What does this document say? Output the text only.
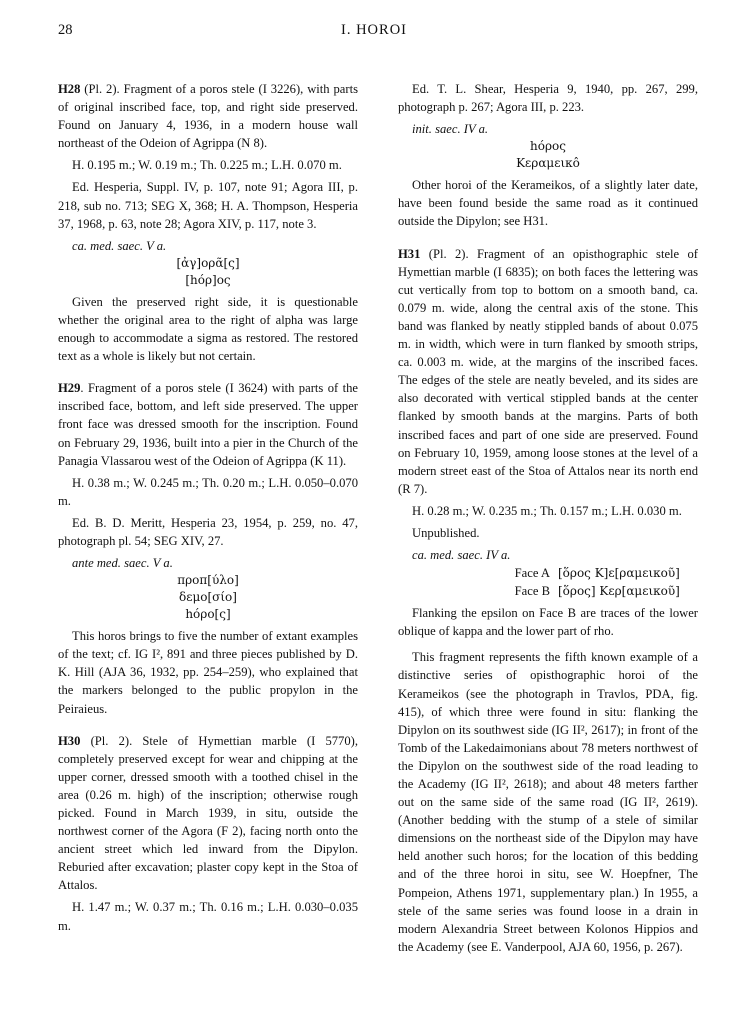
28	I. HOROI

H28 (Pl. 2). Fragment of a poros stele (I 3226), with parts of original inscribed face, top, and right side preserved. Found on January 4, 1936, in a modern house wall northeast of the Odeion of Agrippa (N 8).

H. 0.195 m.; W. 0.19 m.; Th. 0.225 m.; L.H. 0.070 m.

Ed. Hesperia, Suppl. IV, p. 107, note 91; Agora III, p. 218, sub no. 713; SEG X, 368; H. A. Thompson, Hesperia 37, 1968, p. 63, note 28; Agora XIV, p. 117, note 3.

ca. med. saec. V a.

[ἀγ]ορᾶ[ς]

[hóρ]ος

Given the preserved right side, it is questionable whether the original area to the right of alpha was large enough to accommodate a sigma as restored. The restored text as a whole is likely but not certain.

H29. Fragment of a poros stele (I 3624) with parts of the inscribed face, bottom, and left side preserved. The upper front face was dressed smooth for the inscription. Found on February 29, 1936, built into a pier in the Church of the Panagia Vlassarou west of the Odeion of Agrippa (K 11).

H. 0.38 m.; W. 0.245 m.; Th. 0.20 m.; L.H. 0.050–0.070 m.

Ed. B. D. Meritt, Hesperia 23, 1954, p. 259, no. 47, photograph pl. 54; SEG XIV, 27.

ante med. saec. V a.

προπ[ύλο]

δεμο[σίο]

hóρο[ς]

This horos brings to five the number of extant examples of the text; cf. IG I², 891 and three pieces published by D. K. Hill (AJA 36, 1932, pp. 254–259), who explained that the markers belonged to the public propylon in the Peiraieus.

H30 (Pl. 2). Stele of Hymettian marble (I 5770), completely preserved except for wear and chipping at the upper corner, dressed smooth with a toothed chisel in the area (0.26 m. high) of the inscription; otherwise rough picked. Found in March 1939, in situ, outside the northwest corner of the Agora (F 2), facing north onto the ancient street which led inward from the Dipylon. Reburied after excavation; plaster copy kept in the Stoa of Attalos.

H. 1.47 m.; W. 0.37 m.; Th. 0.16 m.; L.H. 0.030–0.035 m.

Ed. T. L. Shear, Hesperia 9, 1940, pp. 267, 299, photograph p. 267; Agora III, p. 223.

init. saec. IV a.

hόρος

Κεραμεικô

Other horoi of the Kerameikos, of a slightly later date, have been found beside the same road as it continued outside the Dipylon; see H31.

H31 (Pl. 2). Fragment of an opisthographic stele of Hymettian marble (I 6835); on both faces the lettering was cut vertically from top to bottom on a smooth band, ca. 0.079 m. wide, along the central axis of the stone. This band was flanked by neatly stippled bands of about 0.075 m. in width, which were in turn flanked by smooth strips, ca. 0.003 m. wide, at the margins of the inscribed faces. The edges of the stele are neatly beveled, and its sides are also decorated with vertical stippled bands at the center flanked by smooth bands at the margins. Parts of both inscribed faces and part of one side are preserved. Found on February 10, 1959, among loose stones at the level of a modern street east of the Stoa of Attalos near its north end (R 7).

H. 0.28 m.; W. 0.235 m.; Th. 0.157 m.; L.H. 0.030 m.

Unpublished.

ca. med. saec. IV a.

Face A [ὅρος Κ]ε[ραμεικοῦ]
Face B [ὅρος] Κερ[αμεικοῦ]

Flanking the epsilon on Face B are traces of the lower oblique of kappa and the lower part of rho.

This fragment represents the fifth known example of a distinctive series of opisthographic horoi of the Kerameikos (see the photograph in Travlos, PDA, fig. 415), of which three were found in situ: flanking the Dipylon on its southwest side (IG II², 2617); in front of the Tomb of the Lakedaimonians about 78 meters northwest of the Dipylon on the southwest side of the road leading to the Academy (IG II², 2618); and about 48 meters farther out on the same side of the same road (IG II², 2619). (Another bedding with the stump of a stele of similar dimensions on the northeast side of the Dipylon may have held another such horos; for the location of this bedding and of the three horoi in situ, see W. Hoepfner, The Pompeion, Athens 1971, supplementary plan.) In 1955, a stele of the same series was found loose in a drain in modern Alexandria Street between Kolonos Hippios and the Academy (see E. Vanderpool, AJA 60, 1956, p. 267).
